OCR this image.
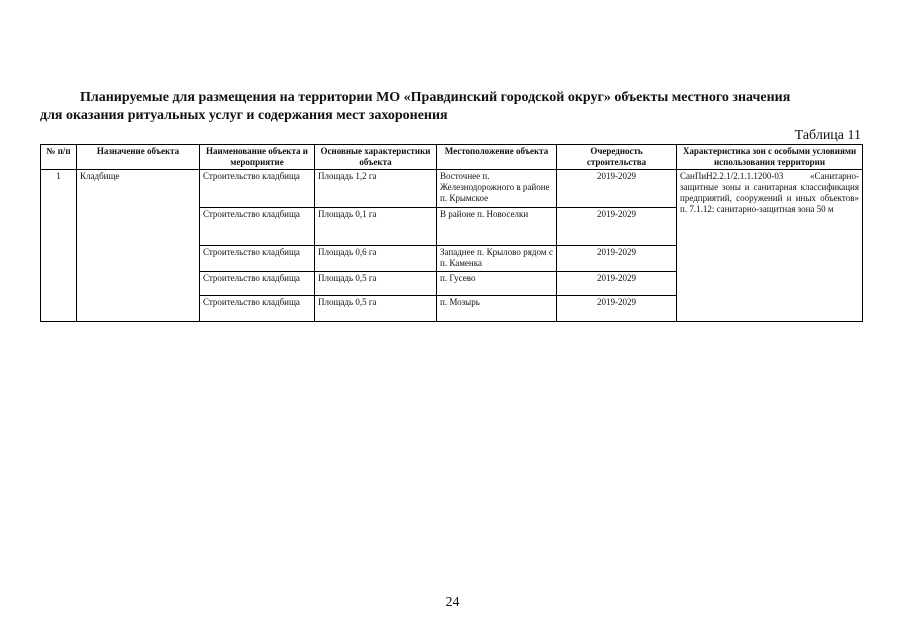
Планируемые для размещения на территории МО «Правдинский городской округ» объекты местного значения
для оказания ритуальных услуг и содержания мест захоронения
Таблица 11
№ п/п	Назначение объекта	Наименование объекта и мероприятие	Основные характеристики объекта	Местоположение объекта	Очередность строительства	Характеристика зон с особыми условиями использования территории
1	Кладбище	Строительство кладбища	Площадь 1,2 га	Восточнее п. Железнодорожного в районе п. Крымское	2019-2029	СанПиН2.2.1/2.1.1.1200-03 «Санитарно-защитные зоны и санитарная классификация предприятий, сооружений и иных объектов» п. 7.1.12: санитарно-защитная зона 50 м
		Строительство кладбища	Площадь 0,1 га	В районе п. Новоселки	2019-2029	
		Строительство кладбища	Площадь 0,6 га	Западнее п. Крылово рядом с п. Каменка	2019-2029	
		Строительство кладбища	Площадь 0,5 га	п. Гусево	2019-2029	
		Строительство кладбища	Площадь 0,5 га	п. Мозырь	2019-2029	
24
